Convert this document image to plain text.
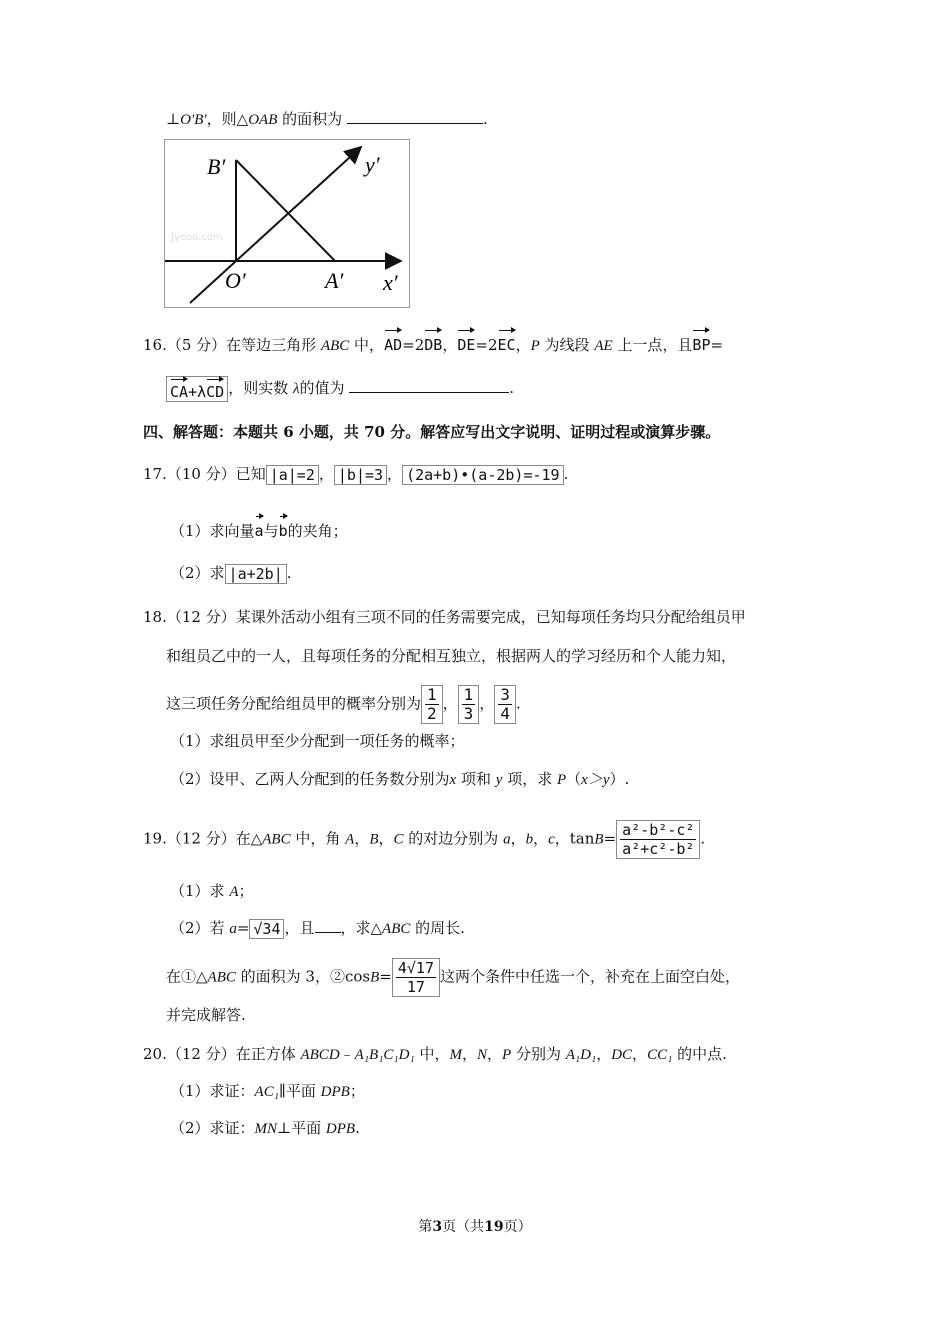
⊥O′B′，则△OAB 的面积为	.
Jyeoo.com
B′	y′
O′	A′ x′
16.（5 分）在等边三角形 ABC 中，AD=2DB，DE=2EC，P 为线段 AE 上一点，且BP=
CA+λCD ，则实数 λ的值为	.
四、解答题：本题共 6 小题，共 70 分。解答应写出文字说明、证明过程或演算步骤。
17.（10 分）已知 |a|=2 ， |b|=3 ， (2a+b)•(a-2b)=-19 .
（1）求向量a与b的夹角；
（2）求 |a+2b| .
18.（12 分）某课外活动小组有三项不同的任务需要完成，已知每项任务均只分配给组员甲
和组员乙中的一人，且每项任务的分配相互独立，根据两人的学习经历和个人能力知，
这三项任务分配给组员甲的概率分别为 $\frac{1}{2}$ ， $\frac{1}{3}$ ， $\frac{3}{4}$ .
（1）求组员甲至少分配到一项任务的概率；
（2）设甲、乙两人分配到的任务数分别为x 项和 y 项，求 P（x＞y）.
19.（12 分）在△ABC 中，角 A，B，C 的对边分别为 a，b，c，$\tan B= \frac{\text{a²-b²-c²}}{\text{a²+c²-b²}}$ .
（1）求 A；
（2）若 a= √34 ，且 ，求△ABC 的周长.
在①△ABC 的面积为 3，②cosB= $\frac{4√17}{17}$ 这两个条件中任选一个，补充在上面空白处，
并完成解答.
20.（12 分）在正方体 ABCD﹣A₁B₁C₁D₁ 中，M，N，P 分别为 A₁D₁，DC，CC₁ 的中点.
（1）求证：AC₁∥平面 DPB；
（2）求证：MN⊥平面 DPB.
第3页（共19页）
